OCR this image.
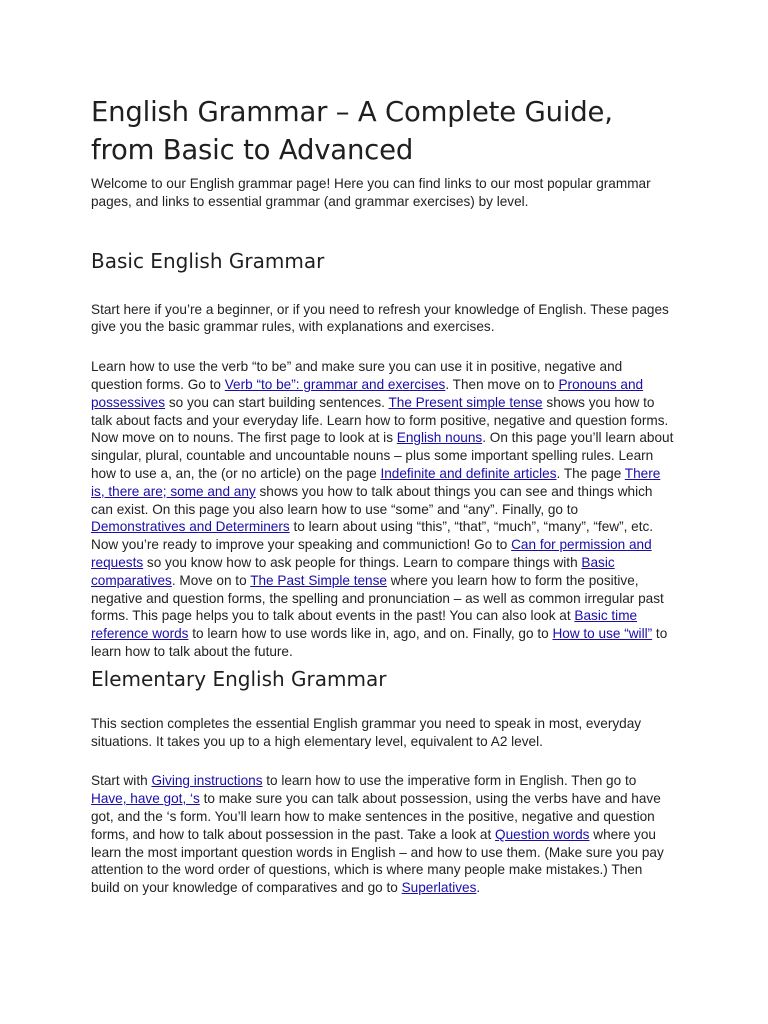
English Grammar – A Complete Guide, from Basic to Advanced

Welcome to our English grammar page! Here you can find links to our most popular grammar pages, and links to essential grammar (and grammar exercises) by level.

Basic English Grammar

Start here if you’re a beginner, or if you need to refresh your knowledge of English. These pages give you the basic grammar rules, with explanations and exercises.

Learn how to use the verb “to be” and make sure you can use it in positive, negative and question forms. Go to Verb “to be”: grammar and exercises. Then move on to Pronouns and possessives so you can start building sentences. The Present simple tense shows you how to talk about facts and your everyday life. Learn how to form positive, negative and question forms.

Now move on to nouns. The first page to look at is English nouns. On this page you’ll learn about singular, plural, countable and uncountable nouns – plus some important spelling rules. Learn how to use a, an, the (or no article) on the page Indefinite and definite articles. The page There is, there are; some and any shows you how to talk about things you can see and things which can exist. On this page you also learn how to use “some” and “any”. Finally, go to Demonstratives and Determiners to learn about using “this”, “that”, “much”, “many”, “few”, etc.

Now you’re ready to improve your speaking and communiction! Go to Can for permission and requests so you know how to ask people for things. Learn to compare things with Basic comparatives. Move on to The Past Simple tense where you learn how to form the positive, negative and question forms, the spelling and pronunciation – as well as common irregular past forms. This page helps you to talk about events in the past! You can also look at Basic time reference words to learn how to use words like in, ago, and on. Finally, go to How to use “will” to learn how to talk about the future.

Elementary English Grammar

This section completes the essential English grammar you need to speak in most, everyday situations. It takes you up to a high elementary level, equivalent to A2 level.

Start with Giving instructions to learn how to use the imperative form in English. Then go to Have, have got, ‘s to make sure you can talk about possession, using the verbs have and have got, and the ‘s form. You’ll learn how to make sentences in the positive, negative and question forms, and how to talk about possession in the past. Take a look at Question words where you learn the most important question words in English – and how to use them. (Make sure you pay attention to the word order of questions, which is where many people make mistakes.) Then build on your knowledge of comparatives and go to Superlatives.
